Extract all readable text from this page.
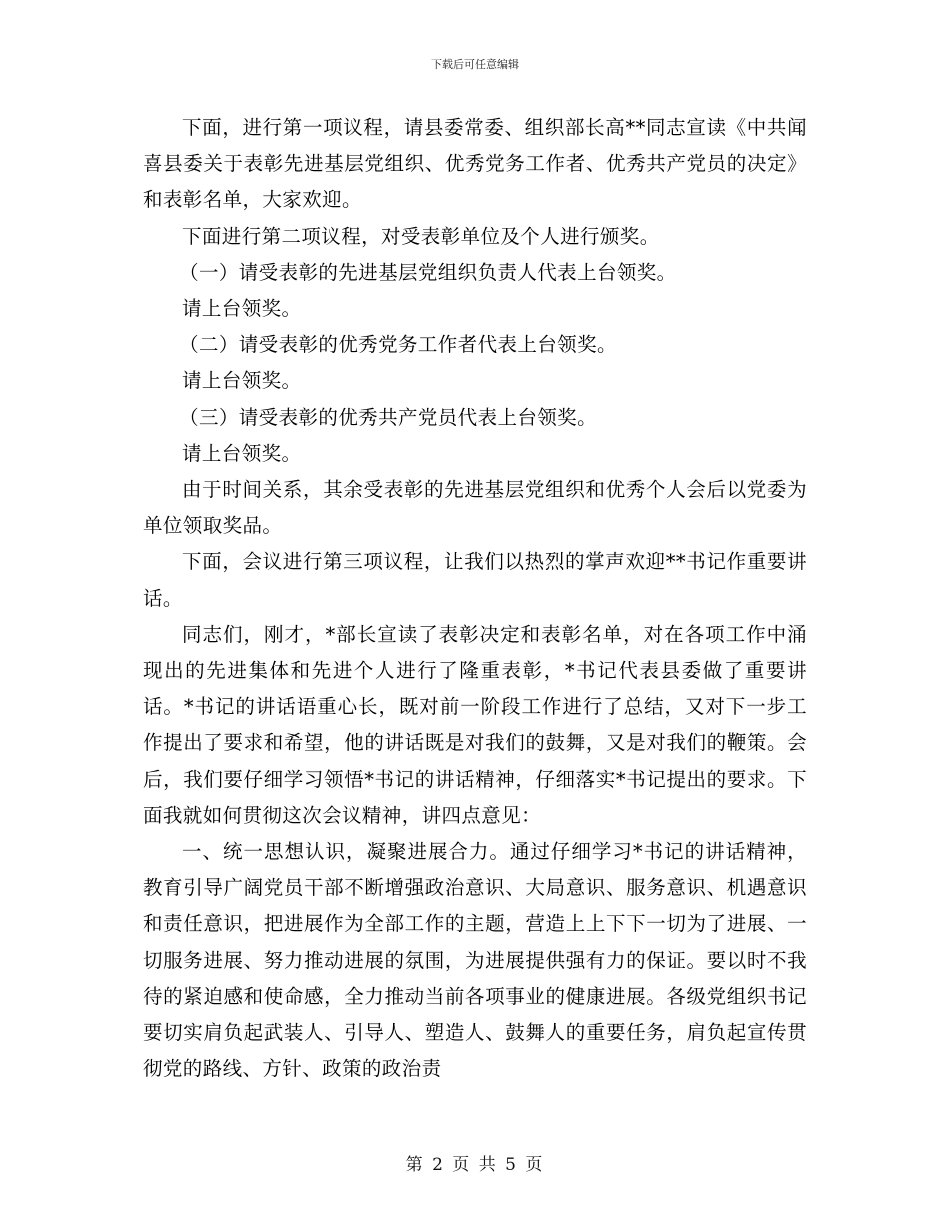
下载后可任意编辑

下面，进行第一项议程，请县委常委、组织部长高**同志宣读《中共闻喜县委关于表彰先进基层党组织、优秀党务工作者、优秀共产党员的决定》和表彰名单，大家欢迎。

下面进行第二项议程，对受表彰单位及个人进行颁奖。

（一）请受表彰的先进基层党组织负责人代表上台领奖。

请上台领奖。

（二）请受表彰的优秀党务工作者代表上台领奖。

请上台领奖。

（三）请受表彰的优秀共产党员代表上台领奖。

请上台领奖。

由于时间关系，其余受表彰的先进基层党组织和优秀个人会后以党委为单位领取奖品。

下面，会议进行第三项议程，让我们以热烈的掌声欢迎**书记作重要讲话。

同志们，刚才，*部长宣读了表彰决定和表彰名单，对在各项工作中涌现出的先进集体和先进个人进行了隆重表彰，*书记代表县委做了重要讲话。*书记的讲话语重心长，既对前一阶段工作进行了总结，又对下一步工作提出了要求和希望，他的讲话既是对我们的鼓舞，又是对我们的鞭策。会后，我们要仔细学习领悟*书记的讲话精神，仔细落实*书记提出的要求。下面我就如何贯彻这次会议精神，讲四点意见：

一、统一思想认识，凝聚进展合力。通过仔细学习*书记的讲话精神，教育引导广阔党员干部不断增强政治意识、大局意识、服务意识、机遇意识和责任意识，把进展作为全部工作的主题，营造上上下下一切为了进展、一切服务进展、努力推动进展的氛围，为进展提供强有力的保证。要以时不我待的紧迫感和使命感，全力推动当前各项事业的健康进展。各级党组织书记要切实肩负起武装人、引导人、塑造人、鼓舞人的重要任务，肩负起宣传贯彻党的路线、方针、政策的政治责

第 2 页 共 5 页
